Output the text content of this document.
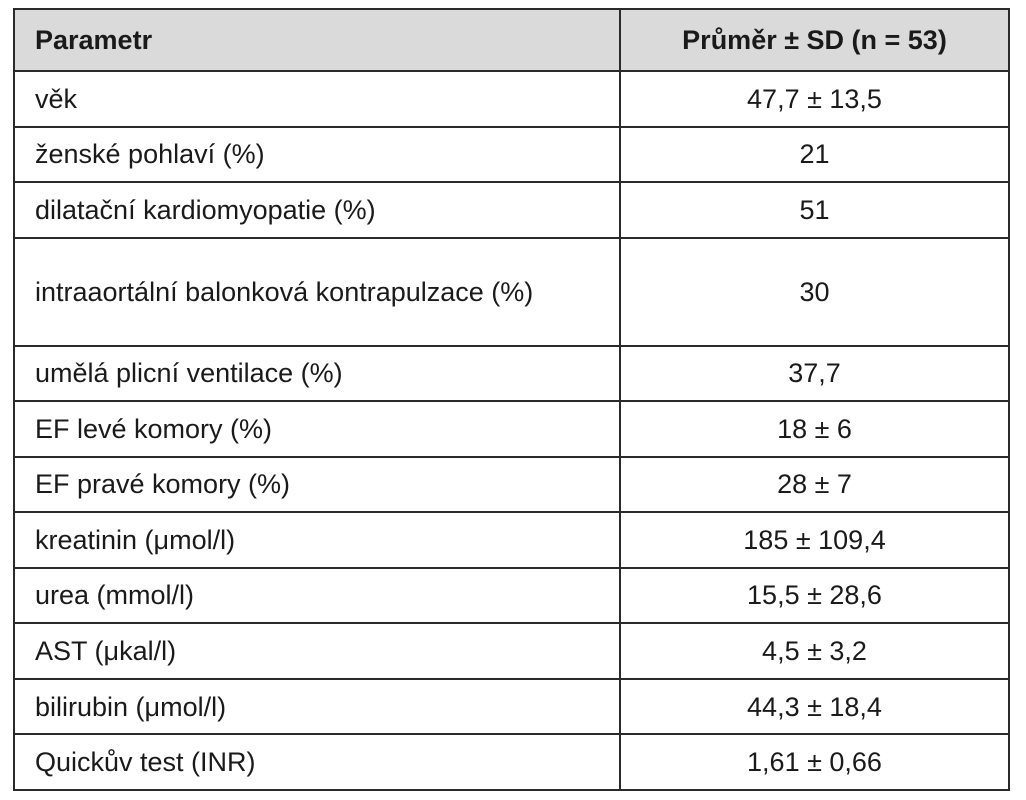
Parametr	Průměr ± SD (n = 53)
věk	47,7 ± 13,5
ženské pohlaví (%)	21
dilatační kardiomyopatie (%)	51
intraaortální balonková kontrapulzace (%)	30
umělá plicní ventilace (%)	37,7
EF levé komory (%)	18 ± 6
EF pravé komory (%)	28 ± 7
kreatinin (μmol/l)	185 ± 109,4
urea (mmol/l)	15,5 ± 28,6
AST (μkal/l)	4,5 ± 3,2
bilirubin (μmol/l)	44,3 ± 18,4
Quickův test (INR)	1,61 ± 0,66
